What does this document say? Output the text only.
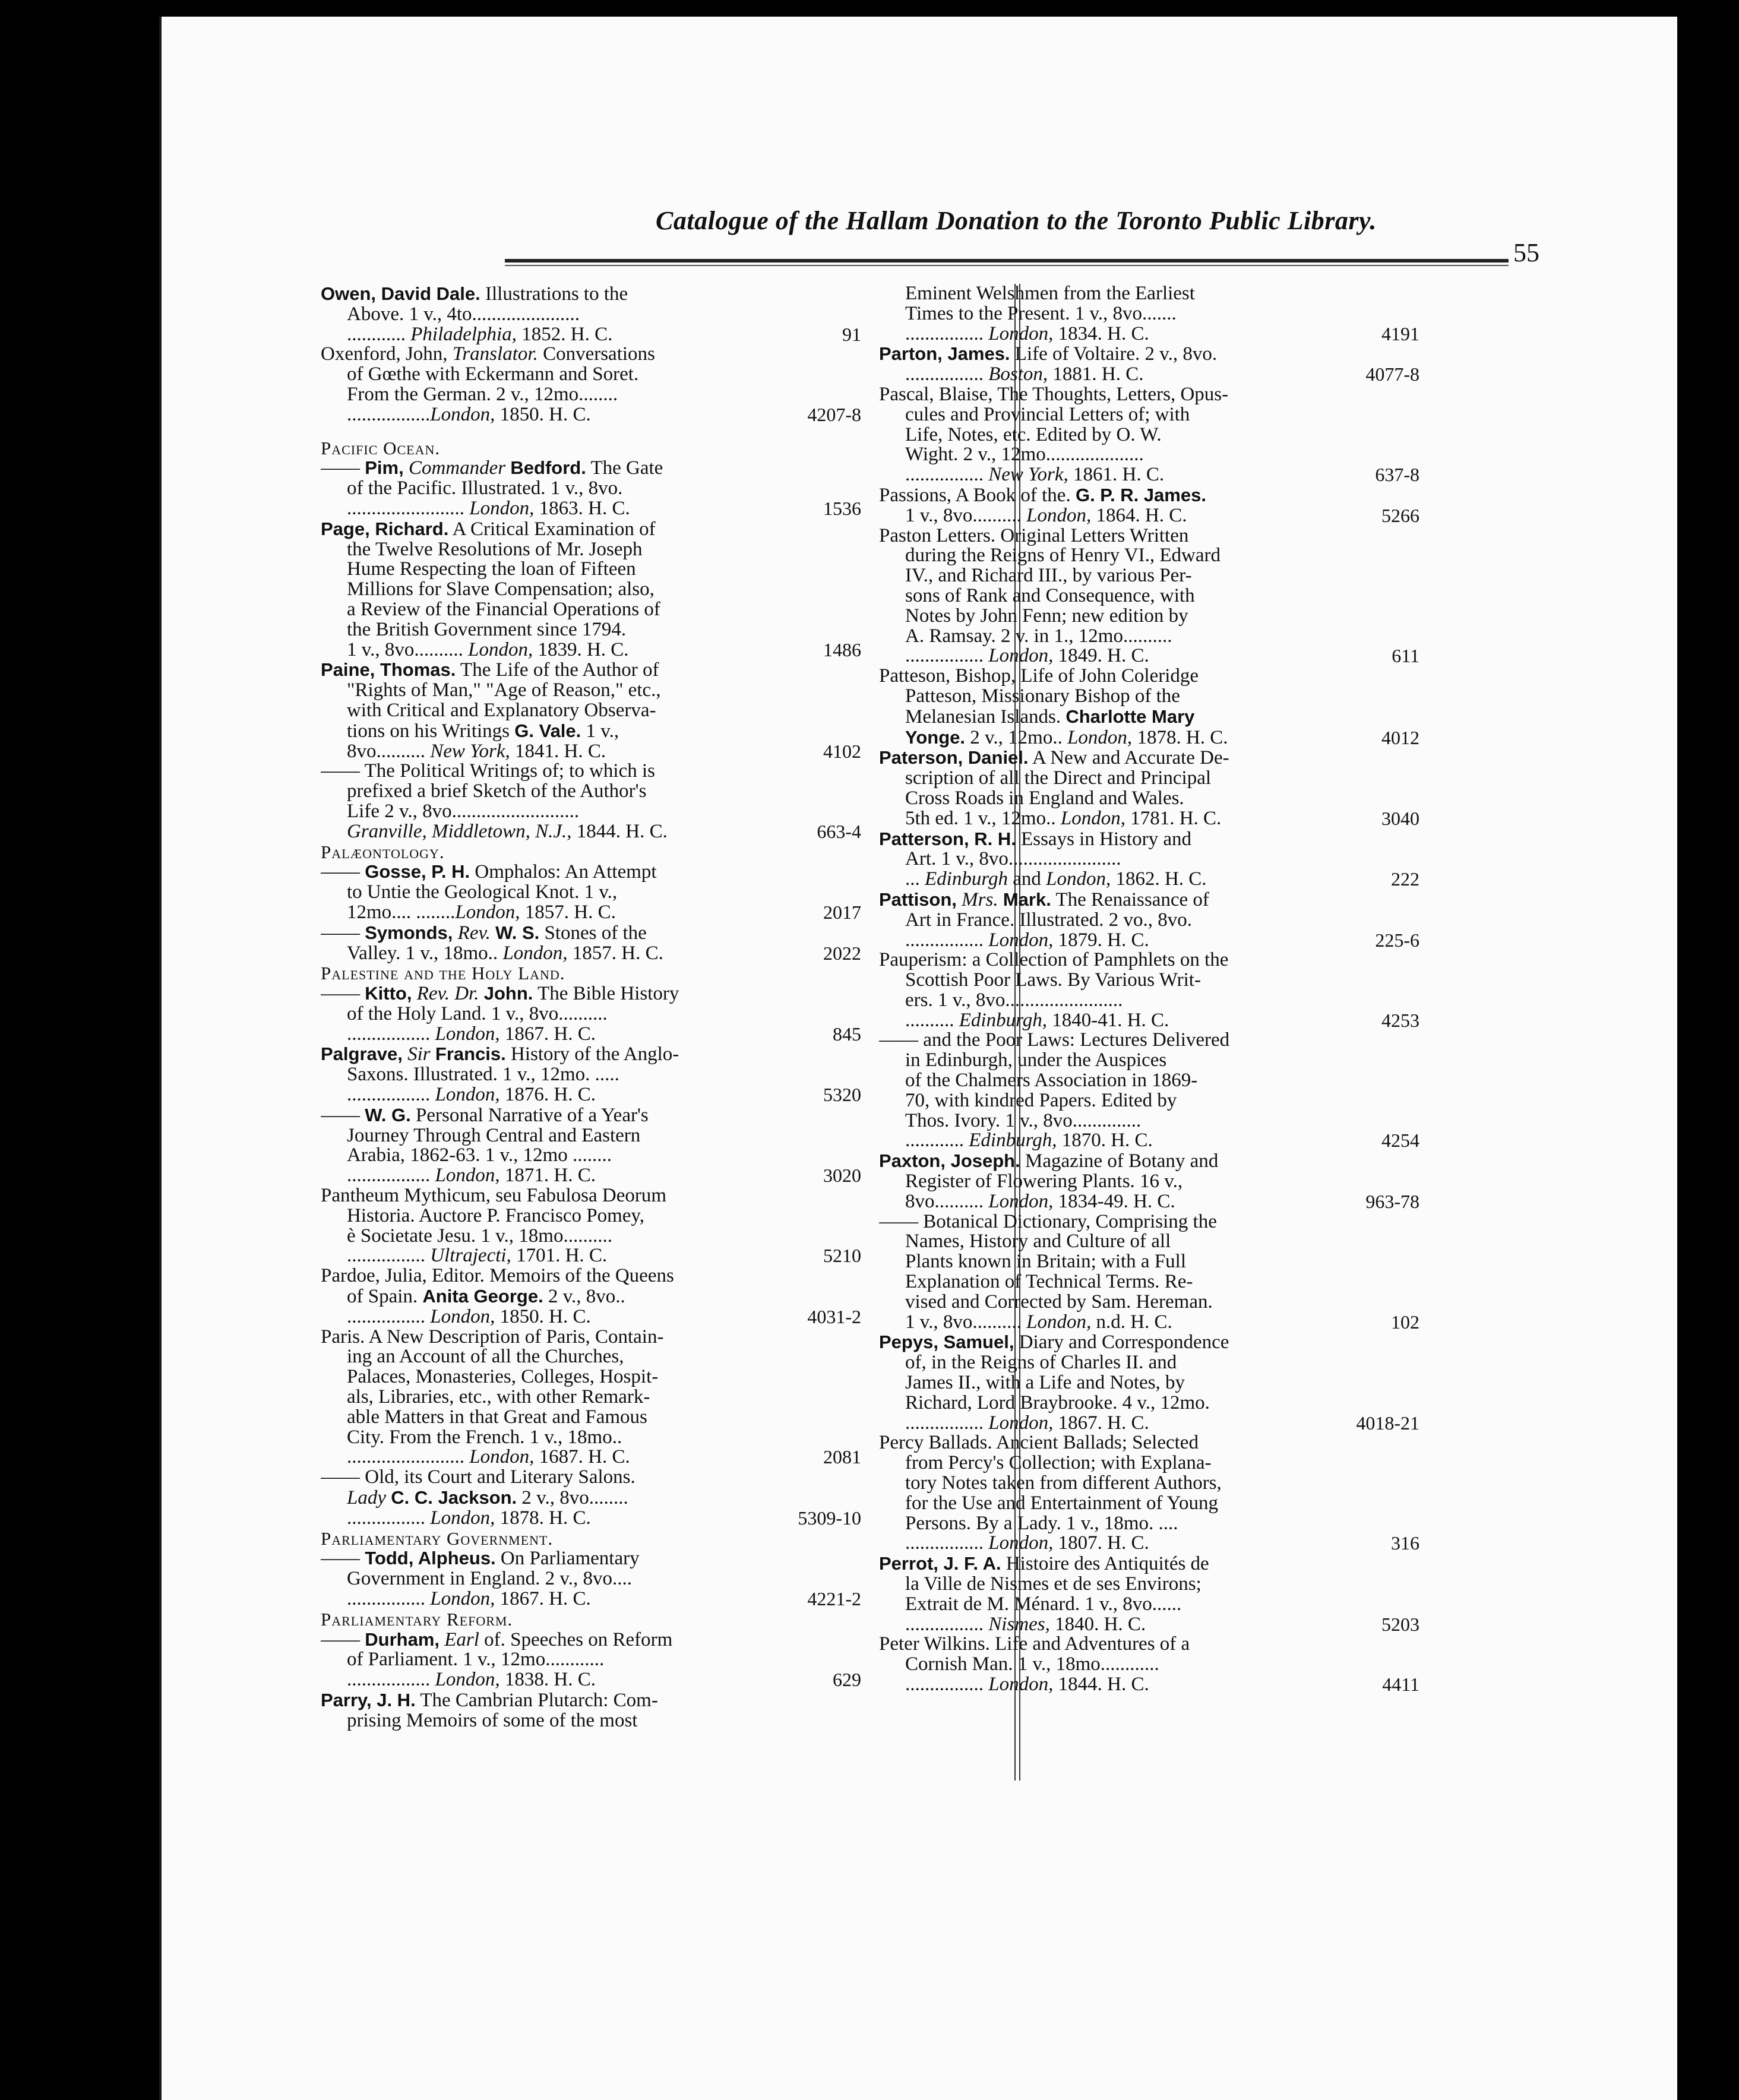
Catalogue of the Hallam Donation to the Toronto Public Library.
55
Owen, David Dale. Illustrations to the
Above. 1 v., 4to......................
............ Philadelphia, 1852. H. C.	91
Oxenford, John, Translator. Conversations
of Gœthe with Eckermann and Soret.
From the German. 2 v., 12mo........
.................London, 1850. H. C.	4207-8
Pacific Ocean.
—— Pim, Commander Bedford. The Gate
of the Pacific. Illustrated. 1 v., 8vo.
........................ London, 1863. H. C.	1536
Page, Richard. A Critical Examination of
the Twelve Resolutions of Mr. Joseph
Hume Respecting the loan of Fifteen
Millions for Slave Compensation; also,
a Review of the Financial Operations of
the British Government since 1794.
1 v., 8vo.......... London, 1839. H. C.	1486
Paine, Thomas. The Life of the Author of
"Rights of Man," "Age of Reason," etc.,
with Critical and Explanatory Observa-
tions on his Writings G. Vale. 1 v.,
8vo.......... New York, 1841. H. C.	4102
—— The Political Writings of; to which is
prefixed a brief Sketch of the Author's
Life 2 v., 8vo..........................
Granville, Middletown, N.J., 1844. H. C.	663-4
Palæontology.
—— Gosse, P. H. Omphalos: An Attempt
to Untie the Geological Knot. 1 v.,
12mo.... ........London, 1857. H. C.	2017
—— Symonds, Rev. W. S. Stones of the
Valley. 1 v., 18mo.. London, 1857. H. C.	2022
Palestine and the Holy Land.
—— Kitto, Rev. Dr. John. The Bible History
of the Holy Land. 1 v., 8vo..........
................. London, 1867. H. C.	845
Palgrave, Sir Francis. History of the Anglo-
Saxons. Illustrated. 1 v., 12mo. .....
................. London, 1876. H. C.	5320
—— W. G. Personal Narrative of a Year's
Journey Through Central and Eastern
Arabia, 1862-63. 1 v., 12mo ........
................. London, 1871. H. C.	3020
Pantheum Mythicum, seu Fabulosa Deorum
Historia. Auctore P. Francisco Pomey,
è Societate Jesu. 1 v., 18mo..........
................ Ultrajecti, 1701. H. C.	5210
Pardoe, Julia, Editor. Memoirs of the Queens
of Spain. Anita George. 2 v., 8vo..
................ London, 1850. H. C.	4031-2
Paris. A New Description of Paris, Contain-
ing an Account of all the Churches,
Palaces, Monasteries, Colleges, Hospit-
als, Libraries, etc., with other Remark-
able Matters in that Great and Famous
City. From the French. 1 v., 18mo..
........................ London, 1687. H. C.	2081
—— Old, its Court and Literary Salons.
Lady C. C. Jackson. 2 v., 8vo........
................ London, 1878. H. C.	5309-10
Parliamentary Government.
—— Todd, Alpheus. On Parliamentary
Government in England. 2 v., 8vo....
................ London, 1867. H. C.	4221-2
Parliamentary Reform.
—— Durham, Earl of. Speeches on Reform
of Parliament. 1 v., 12mo............
................. London, 1838. H. C.	629
Parry, J. H. The Cambrian Plutarch: Com-
prising Memoirs of some of the most
Eminent Welshmen from the Earliest
Times to the Present. 1 v., 8vo.......
................ London, 1834. H. C.	4191
Parton, James. Life of Voltaire. 2 v., 8vo.
................ Boston, 1881. H. C.	4077-8
Pascal, Blaise, The Thoughts, Letters, Opus-
cules and Provincial Letters of; with
Life, Notes, etc. Edited by O. W.
Wight. 2 v., 12mo....................
................ New York, 1861. H. C.	637-8
Passions, A Book of the. G. P. R. James.
1 v., 8vo.......... London, 1864. H. C.	5266
Paston Letters. Original Letters Written
during the Reigns of Henry VI., Edward
IV., and Richard III., by various Per-
sons of Rank and Consequence, with
Notes by John Fenn; new edition by
A. Ramsay. 2 v. in 1., 12mo..........
................ London, 1849. H. C.	611
Patteson, Bishop, Life of John Coleridge
Patteson, Missionary Bishop of the
Melanesian Islands. Charlotte Mary
Yonge. 2 v., 12mo.. London, 1878. H. C.	4012
Paterson, Daniel. A New and Accurate De-
scription of all the Direct and Principal
Cross Roads in England and Wales.
5th ed. 1 v., 12mo.. London, 1781. H. C.	3040
Patterson, R. H. Essays in History and
Art. 1 v., 8vo.......................
... Edinburgh and London, 1862. H. C.	222
Pattison, Mrs. Mark. The Renaissance of
Art in France. Illustrated. 2 vo., 8vo.
................ London, 1879. H. C.	225-6
Pauperism: a Collection of Pamphlets on the
Scottish Poor Laws. By Various Writ-
ers. 1 v., 8vo........................
.......... Edinburgh, 1840-41. H. C.	4253
—— and the Poor Laws: Lectures Delivered
in Edinburgh, under the Auspices
of the Chalmers Association in 1869-
70, with kindred Papers. Edited by
Thos. Ivory. 1 v., 8vo..............
............ Edinburgh, 1870. H. C.	4254
Paxton, Joseph. Magazine of Botany and
Register of Flowering Plants. 16 v.,
8vo.......... London, 1834-49. H. C.	963-78
—— Botanical Dictionary, Comprising the
Names, History and Culture of all
Plants known in Britain; with a Full
Explanation of Technical Terms. Re-
vised and Corrected by Sam. Hereman.
1 v., 8vo.......... London, n.d. H. C.	102
Pepys, Samuel, Diary and Correspondence
of, in the Reigns of Charles II. and
James II., with a Life and Notes, by
Richard, Lord Braybrooke. 4 v., 12mo.
................ London, 1867. H. C.	4018-21
Percy Ballads. Ancient Ballads; Selected
from Percy's Collection; with Explana-
tory Notes taken from different Authors,
for the Use and Entertainment of Young
Persons. By a Lady. 1 v., 18mo. ....
................ London, 1807. H. C.	316
Perrot, J. F. A. Histoire des Antiquités de
la Ville de Nismes et de ses Environs;
Extrait de M. Ménard. 1 v., 8vo......
................ Nismes, 1840. H. C.	5203
Peter Wilkins. Life and Adventures of a
Cornish Man. 1 v., 18mo............
................ London, 1844. H. C.	4411
